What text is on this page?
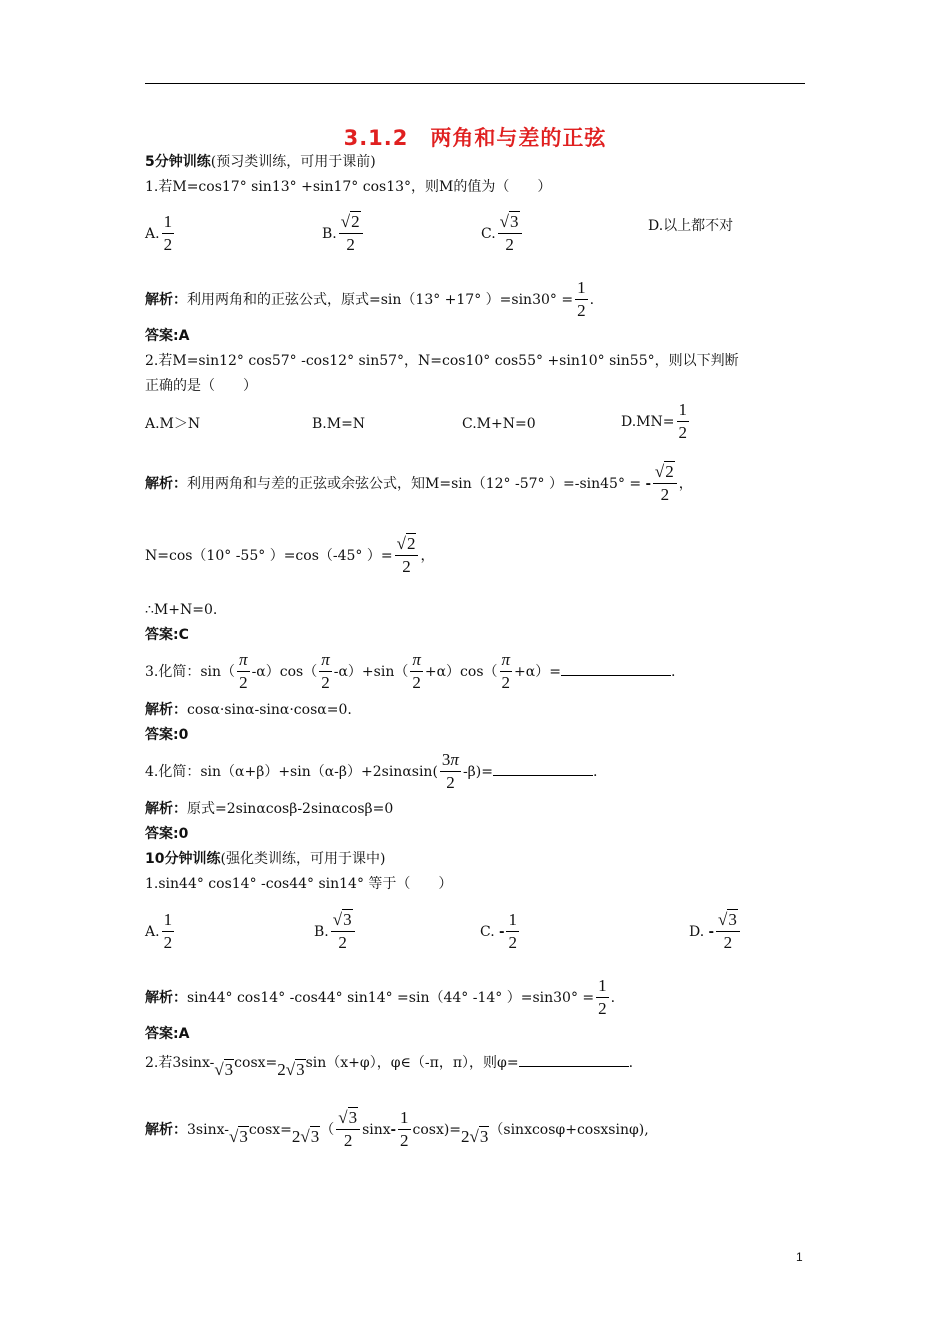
3.1.2　两角和与差的正弦
5分钟训练(预习类训练，可用于课前)
1.若M=cos17° sin13° +sin17° cos13°，则M的值为（　　）
A. $\frac{1}{2}$	B. $\frac{√2}{2}$	C. $\frac{√3}{2}$	D.以上都不对
解析：利用两角和的正弦公式，原式=sin（13° +17° ）$=\sin 30^\circ = \frac{1}{2}$ .
答案:A
2.若M=sin12° cos57° -cos12° sin57°，N=cos10° cos55° +sin10° sin55°，则以下判断
正确的是（　　）
A.M＞N	B.M=N	C.M+N=0	$D.MN= \frac{1}{2}$
解析：利用两角和与差的正弦或余弦公式，知M=sin（12° -57° ）=-sin45° = - $\frac{√2}{2}$ ，
N=cos（10° -55° ）=cos（-45° ）= $\frac{√2}{2}$ ，
∴M+N=0.
答案:C
3.化简：$\sin( \frac{\pi}{2} -\alpha)\cos( \frac{\pi}{2} -\alpha)+\sin( \frac{\pi}{2} +\alpha)\cos( \frac{\pi}{2} +\alpha)=$	.
解析：cosα·sinα-sinα·cosα=0.
答案:0
4.化简：$\sin(\alpha+\beta)+\sin(\alpha-\beta)+2\sin\alpha\sin( \frac{3\pi}{2} -\beta)=$	.
解析：原式=2sinαcosβ-2sinαcosβ=0
答案:0
10分钟训练(强化类训练，可用于课中)
1.sin44° cos14° -cos44° sin14° 等于（　　）
A. $\frac{1}{2}$	B. $\frac{√3}{2}$	C. - $\frac{1}{2}$	D. - $\frac{√3}{2}$
解析：sin44° cos14° -cos44° sin14° =sin（44° -14° ）$=\sin 30^\circ = \frac{1}{2}$ .
答案:A
2.若3sinx-√3cosx=2√3sin（x+φ），φ∈（-π，π），则φ=	.
解析：$3\sin x-√3\cos x=2√3( \frac{√3}{2} \sin x- \frac{1}{2}$ cosx)=2√3（sinxcosφ+cosxsinφ),
1
